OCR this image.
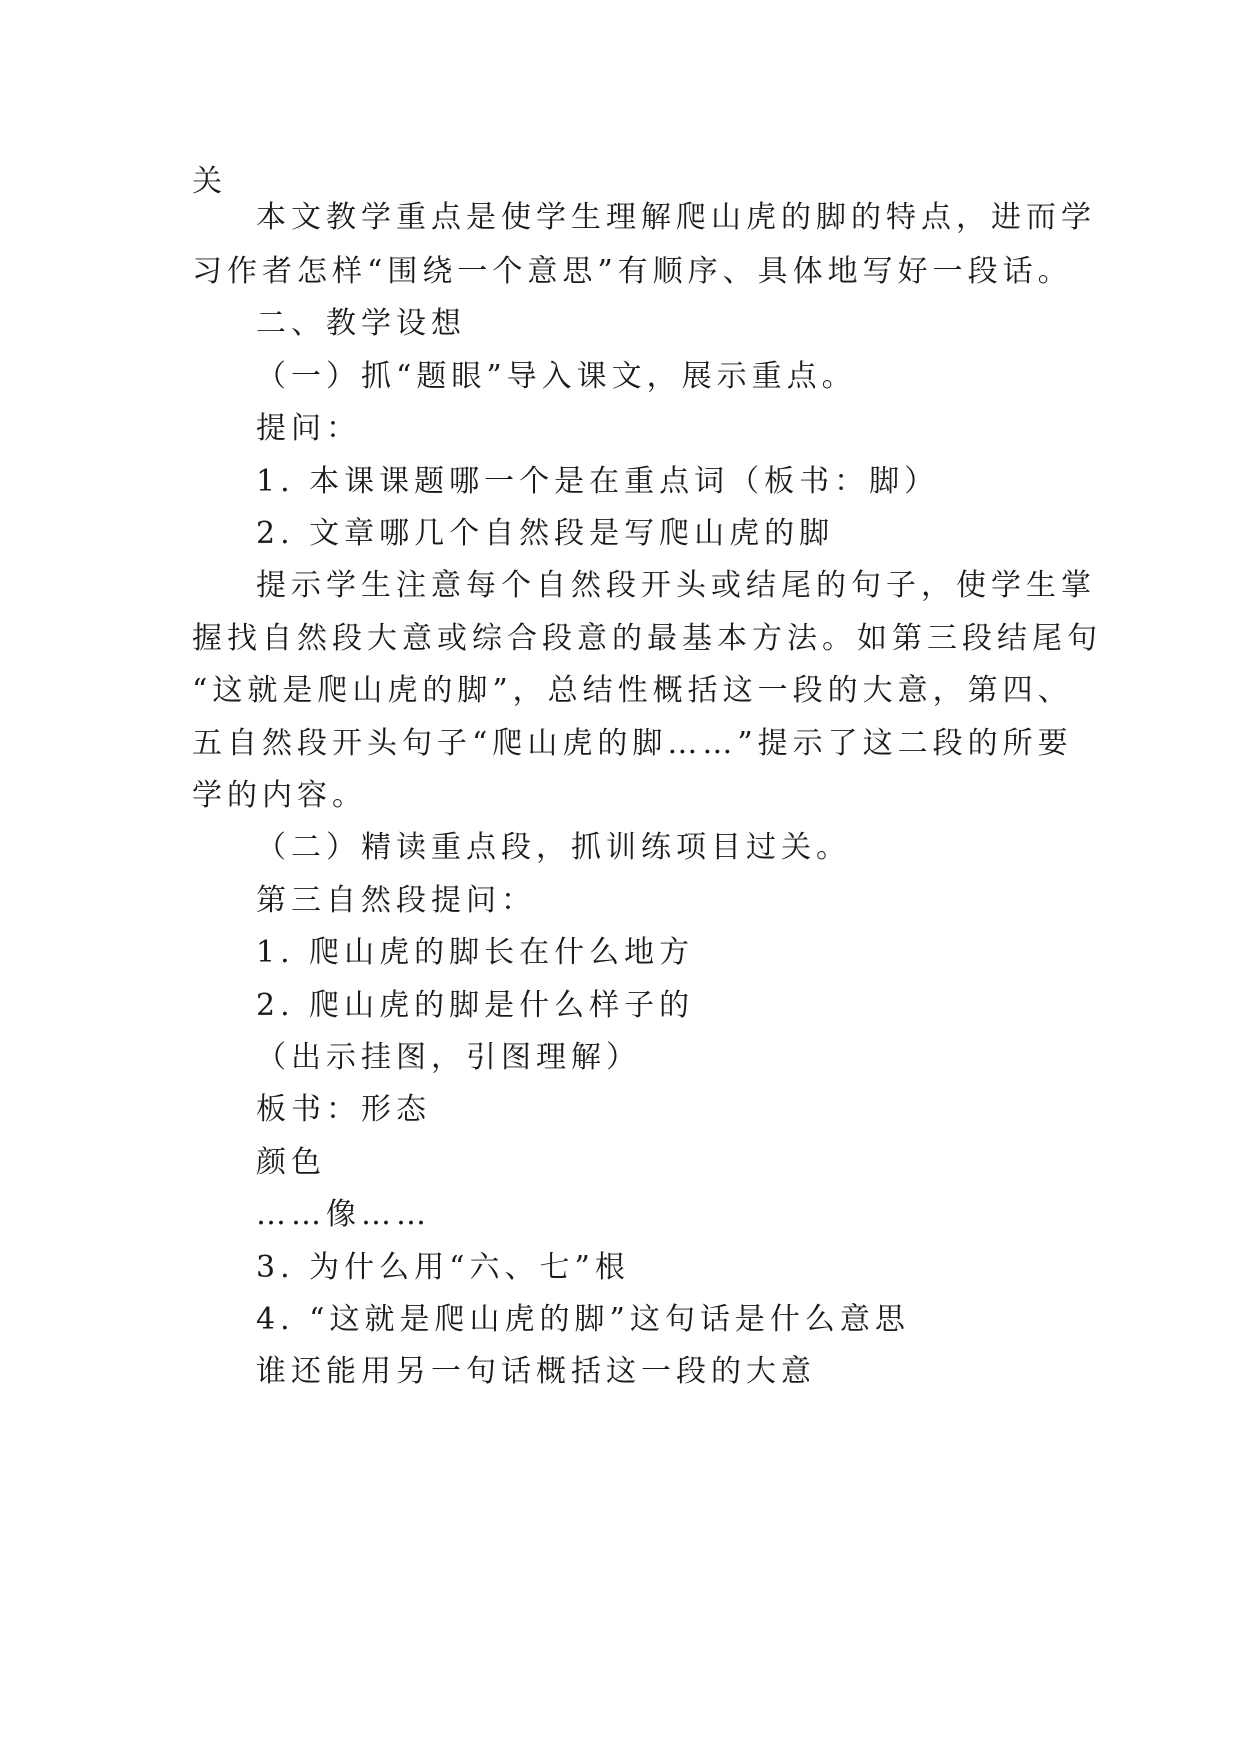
关
本文教学重点是使学生理解爬山虎的脚的特点，进而学
习作者怎样“围绕一个意思”有顺序、具体地写好一段话。
二、教学设想
（一）抓“题眼”导入课文，展示重点。
提问：
1. 本课课题哪一个是在重点词（板书：脚）
2. 文章哪几个自然段是写爬山虎的脚
提示学生注意每个自然段开头或结尾的句子，使学生掌
握找自然段大意或综合段意的最基本方法。如第三段结尾句
“这就是爬山虎的脚”，总结性概括这一段的大意，第四、
五自然段开头句子“爬山虎的脚……”提示了这二段的所要
学的内容。
（二）精读重点段，抓训练项目过关。
第三自然段提问：
1. 爬山虎的脚长在什么地方
2. 爬山虎的脚是什么样子的
（出示挂图，引图理解）
板书：形态
颜色
……像……
3. 为什么用“六、七”根
4. “这就是爬山虎的脚”这句话是什么意思
谁还能用另一句话概括这一段的大意
